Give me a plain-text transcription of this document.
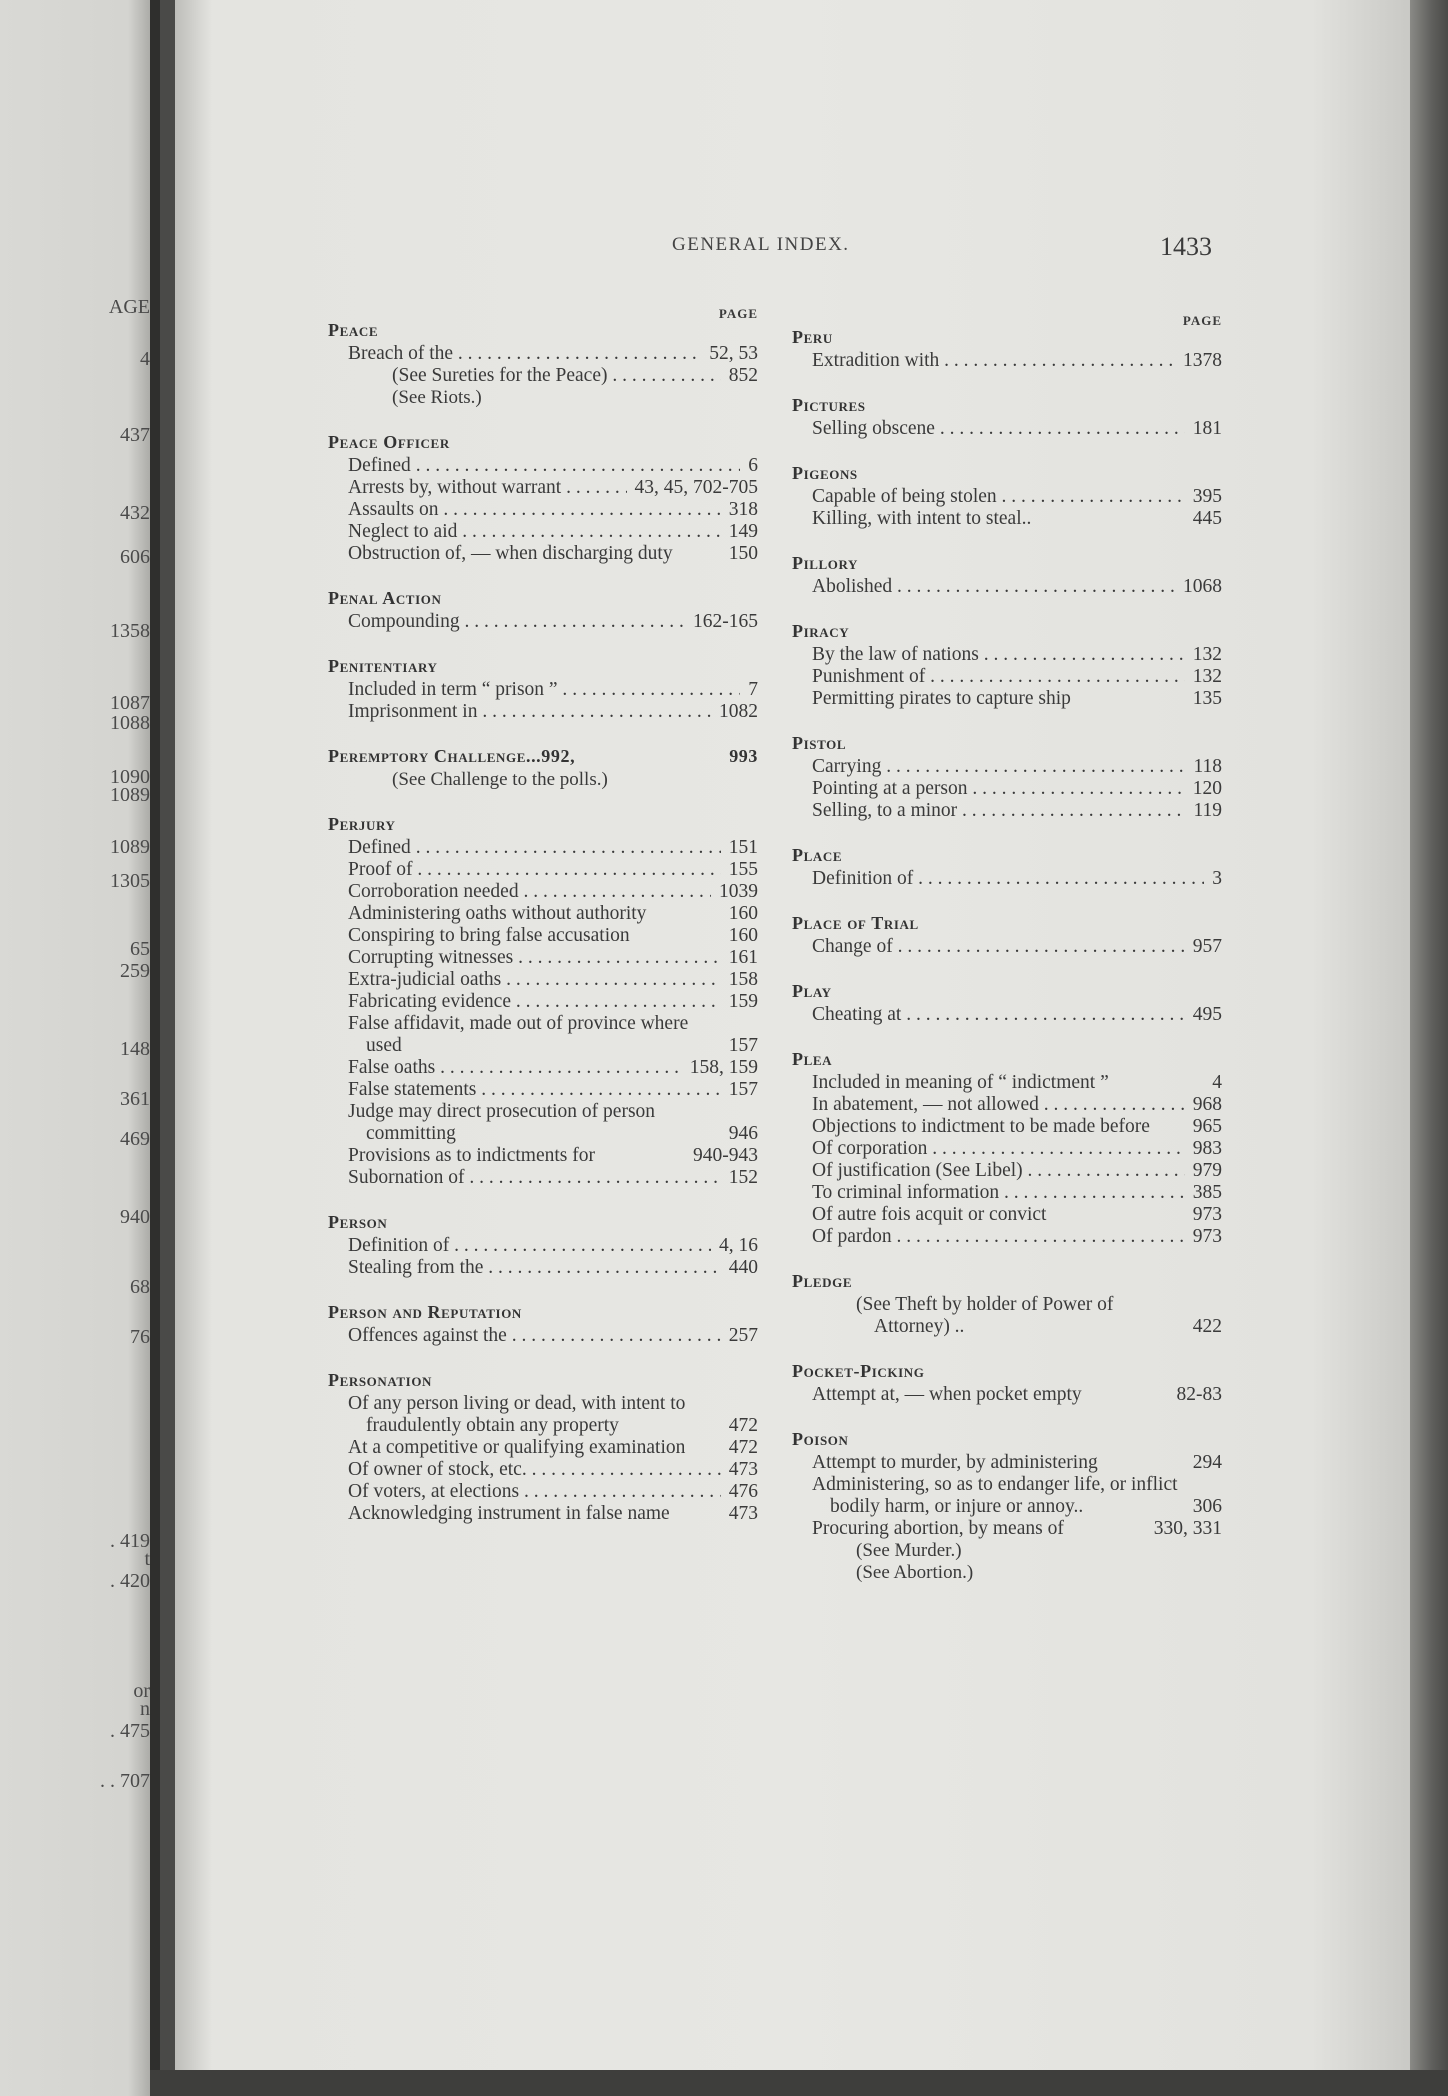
AGE
4
437
432
606
1358
1087
1088
1090
1089
1089
1305
65
259
148
361
469
940
68
76
. 419
t
. 420
or
n
. 475
. . 707
GENERAL INDEX.	1433
PAGE
Peace
Breach of the . . .	52, 53
(See Sureties for the Peace) . . .	852
(See Riots.)
Peace Officer
Defined . . .	6
Arrests by, without warrant . . .	43, 45, 702-705
Assaults on . . .	318
Neglect to aid . . .	149
Obstruction of, — when discharging duty	150
Penal Action
Compounding . . .	162-165
Penitentiary
Included in term “ prison ” . . . .	7
Imprisonment in . . .	1082
Peremptory Challenge...992,	993
(See Challenge to the polls.)
Perjury
Defined . . .	151
Proof of . . .	155
Corroboration needed . . .	1039
Administering oaths without authority	160
Conspiring to bring false accusation	160
Corrupting witnesses . . .	161
Extra-judicial oaths . . .	158
Fabricating evidence . . .	159
False affidavit, made out of province where used	157
False oaths . . .	158, 159
False statements . . .	157
Judge may direct prosecution of person committing	946
Provisions as to indictments for	940-943
Subornation of . . .	152
Person
Definition of . . .	4, 16
Stealing from the . . .	440
Person and Reputation
Offences against the . . .	257
Personation
Of any person living or dead, with intent to fraudulently obtain any property	472
At a competitive or qualifying examination	472
Of owner of stock, etc. . . .	473
Of voters, at elections . . .	476
Acknowledging instrument in false name	473
PAGE
Peru
Extradition with . . .	1378
Pictures
Selling obscene . . .	181
Pigeons
Capable of being stolen . . .	395
Killing, with intent to steal..	445
Pillory
Abolished . . .	1068
Piracy
By the law of nations . . .	132
Punishment of . . .	132
Permitting pirates to capture ship	135
Pistol
Carrying . . .	118
Pointing at a person . . .	120
Selling, to a minor . . .	119
Place
Definition of . . .	3
Place of Trial
Change of . . .	957
Play
Cheating at . . .	495
Plea
Included in meaning of “ indictment ”	4
In abatement, — not allowed . . .	968
Objections to indictment to be made before	965
Of corporation . . .	983
Of justification (See Libel) . . .	979
To criminal information . . .	385
Of autre fois acquit or convict	973
Of pardon . . .	973
Pledge
(See Theft by holder of Power of Attorney) ..	422
Pocket-Picking
Attempt at, — when pocket empty	82-83
Poison
Attempt to murder, by administering	294
Administering, so as to endanger life, or inflict bodily harm, or injure or annoy..	306
Procuring abortion, by means of	330, 331
(See Murder.)
(See Abortion.)
